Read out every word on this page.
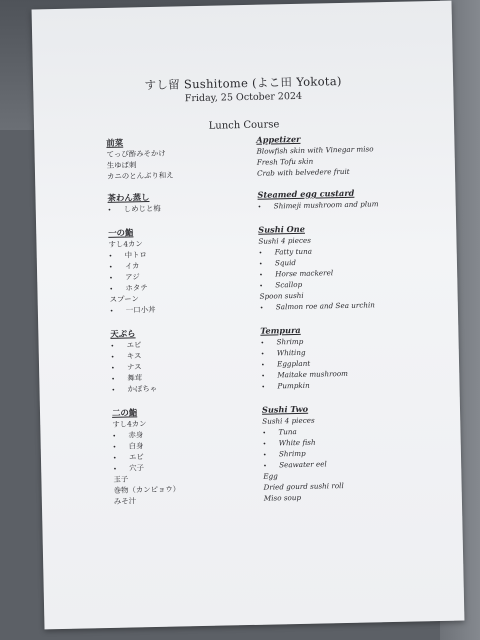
すし留 Sushitome (よこ田 Yokota)
Friday, 25 October 2024
Lunch Course
前菜
てっぴ酢みそかけ
生ゆば刺
カニのとんぶり和え
茶わん蒸し
• しめじと梅
一の鮨
すし4カン
• 中トロ
• イカ
• アジ
• ホタテ
スプーン
• 一口小丼
天ぷら
• エビ
• キス
• ナス
• 舞茸
• かぼちゃ
二の鮨
すし4カン
• 赤身
• 白身
• エビ
• 穴子
玉子
巻物（カンピョウ）
みそ汁
Appetizer
Blowfish skin with Vinegar miso
Fresh Tofu skin
Crab with belvedere fruit
Steamed egg custard
• Shimeji mushroom and plum
Sushi One
Sushi 4 pieces
• Fatty tuna
• Squid
• Horse mackerel
• Scallop
Spoon sushi
• Salmon roe and Sea urchin
Tempura
• Shrimp
• Whiting
• Eggplant
• Maitake mushroom
• Pumpkin
Sushi Two
Sushi 4 pieces
• Tuna
• White fish
• Shrimp
• Seawater eel
Egg
Dried gourd sushi roll
Miso soup
